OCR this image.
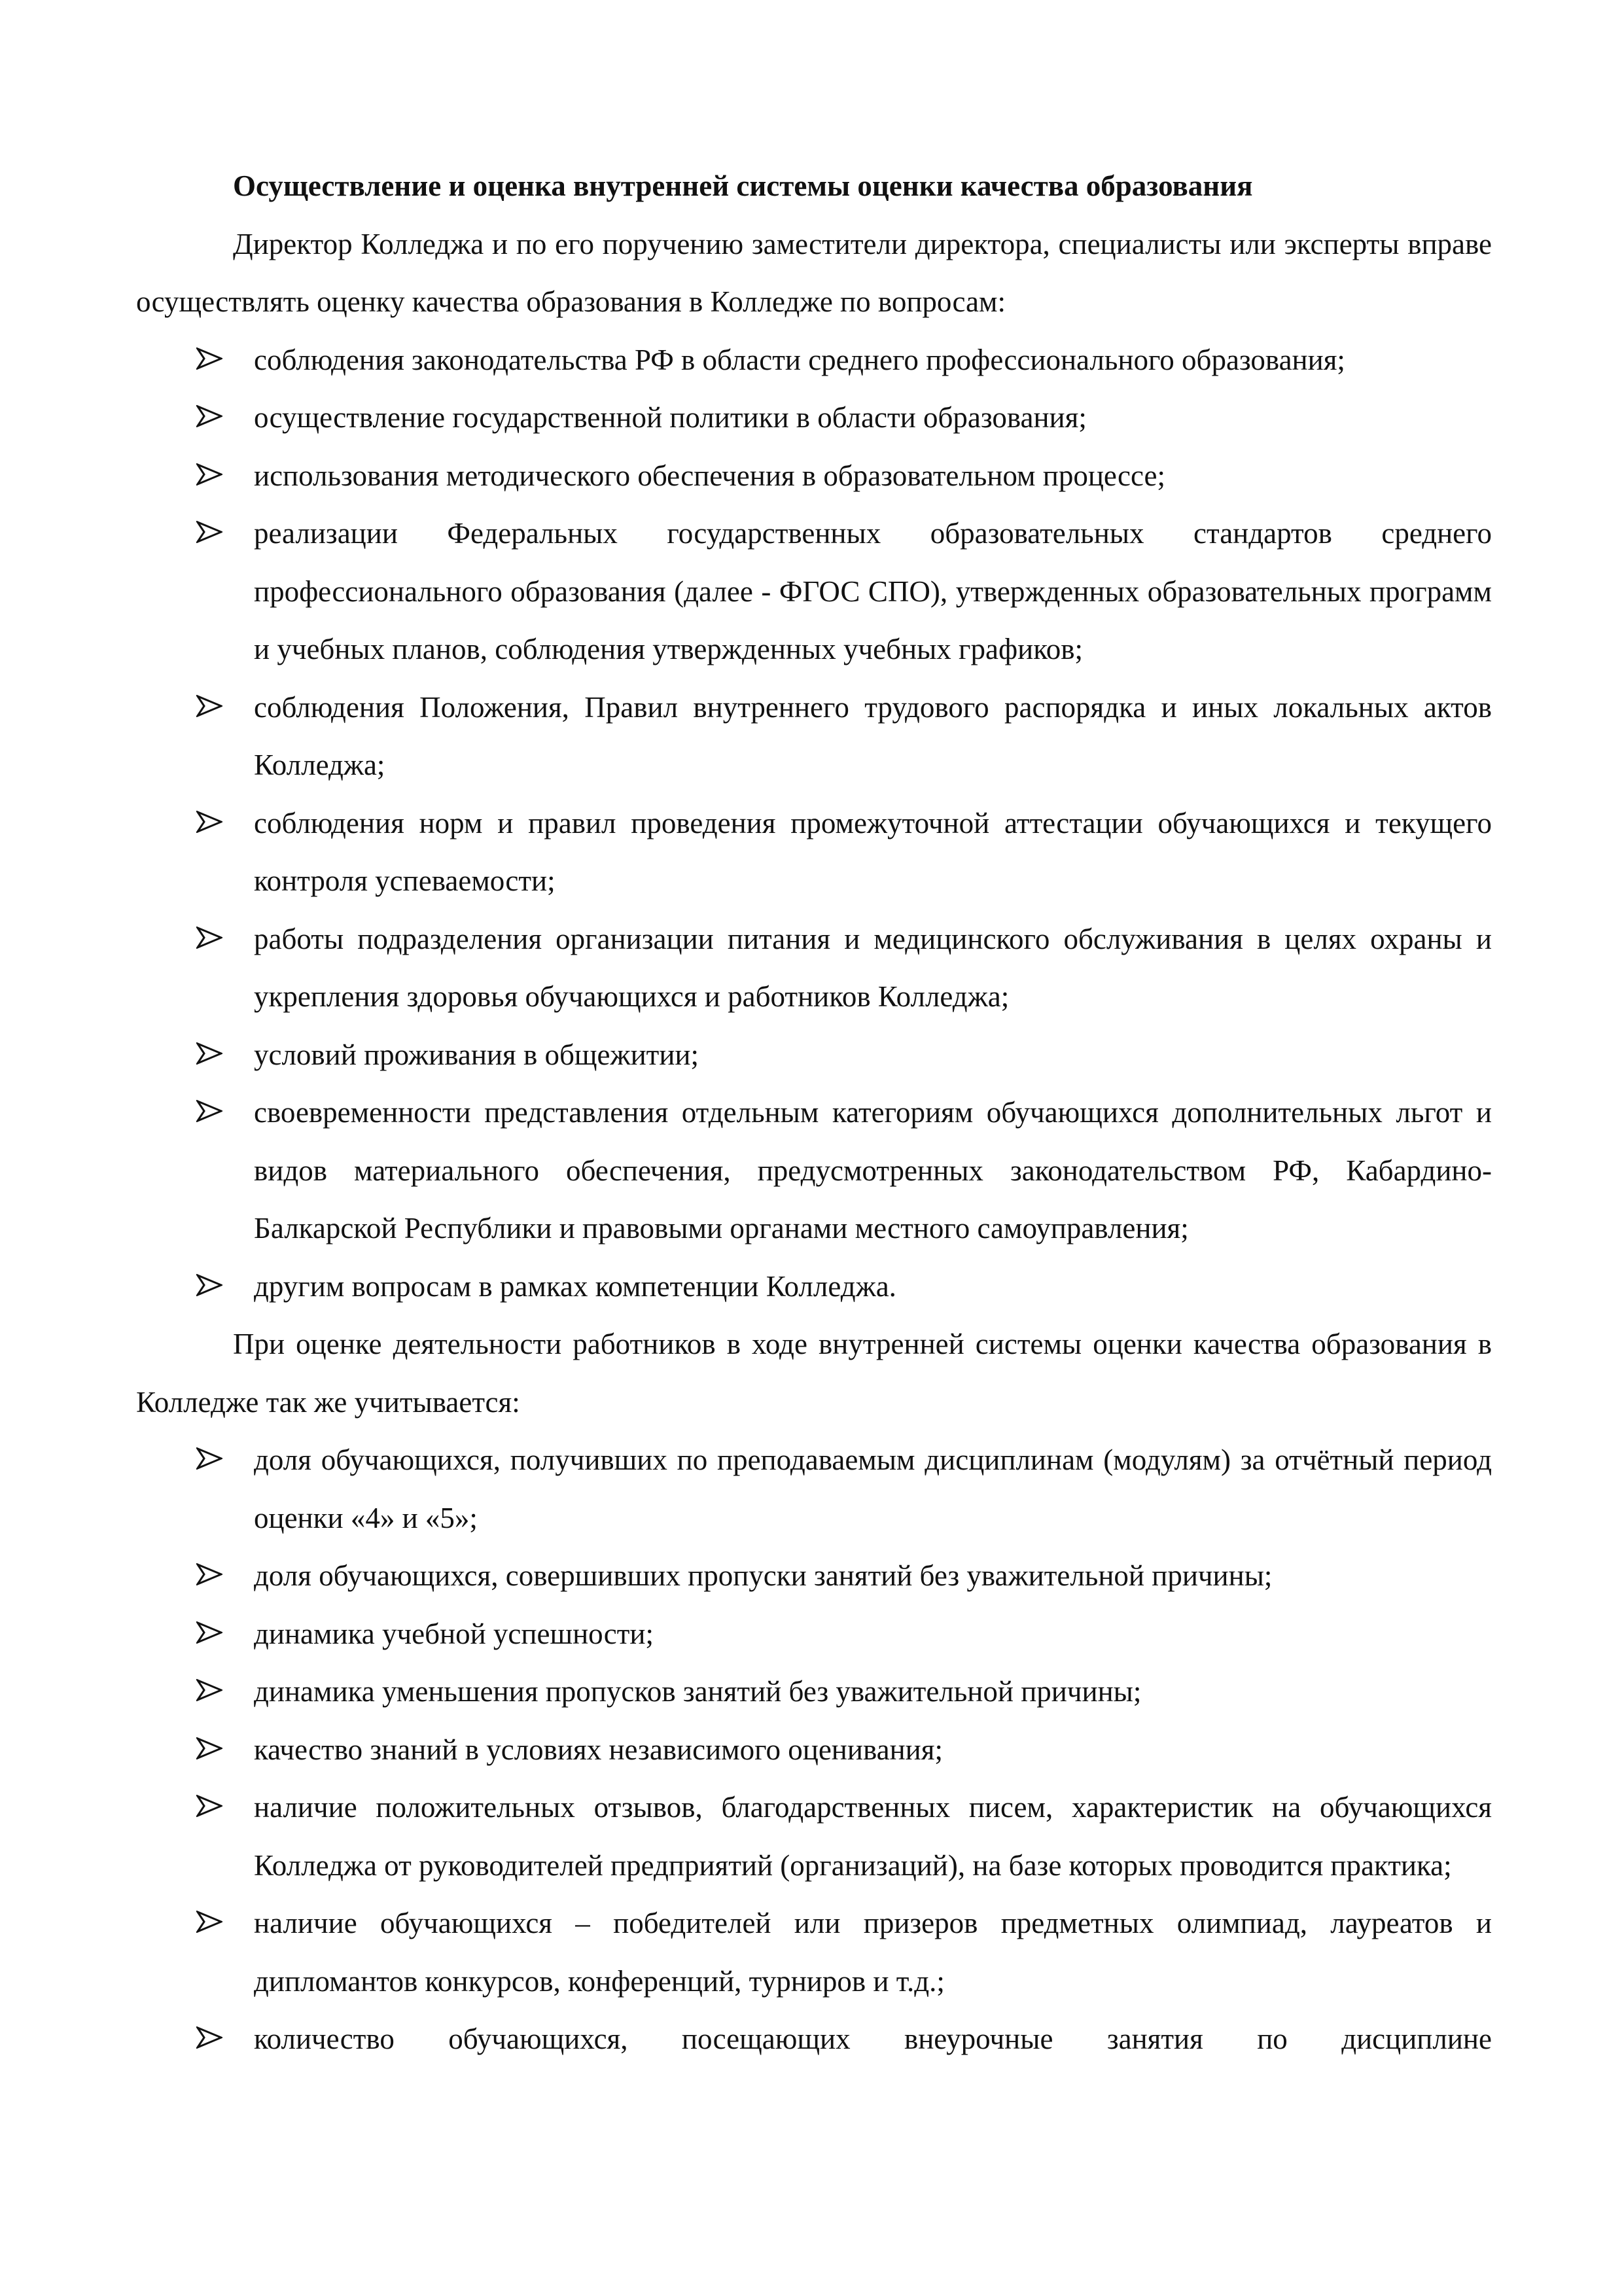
Осуществление и оценка внутренней системы оценки качества образования

Директор Колледжа и по его поручению заместители директора, специалисты или эксперты вправе осуществлять оценку качества образования в Колледже по вопросам:

соблюдения законодательства РФ в области среднего профессионального образования;
осуществление государственной политики в области образования;
использования методического обеспечения в образовательном процессе;
реализации Федеральных государственных образовательных стандартов среднего профессионального образования (далее - ФГОС СПО), утвержденных образовательных программ и учебных планов, соблюдения утвержденных учебных графиков;
соблюдения Положения, Правил внутреннего трудового распорядка и иных локальных актов Колледжа;
соблюдения норм и правил проведения промежуточной аттестации обучающихся и текущего контроля успеваемости;
работы подразделения организации питания и медицинского обслуживания в целях охраны и укрепления здоровья обучающихся и работников Колледжа;
условий проживания в общежитии;
своевременности представления отдельным категориям обучающихся дополнительных льгот и видов материального обеспечения, предусмотренных законодательством РФ, Кабардино-Балкарской Республики и правовыми органами местного самоуправления;
другим вопросам в рамках компетенции Колледжа.

При оценке деятельности работников в ходе внутренней системы оценки качества образования в Колледже так же учитывается:

доля обучающихся, получивших по преподаваемым дисциплинам (модулям) за отчётный период оценки «4» и «5»;
доля обучающихся, совершивших пропуски занятий без уважительной причины;
динамика учебной успешности;
динамика уменьшения пропусков занятий без уважительной причины;
качество знаний в условиях независимого оценивания;
наличие положительных отзывов, благодарственных писем, характеристик на обучающихся Колледжа от руководителей предприятий (организаций), на базе которых проводится практика;
наличие обучающихся – победителей или призеров предметных олимпиад, лауреатов и дипломантов конкурсов, конференций, турниров и т.д.;
количество обучающихся, посещающих внеурочные занятия по дисциплине
